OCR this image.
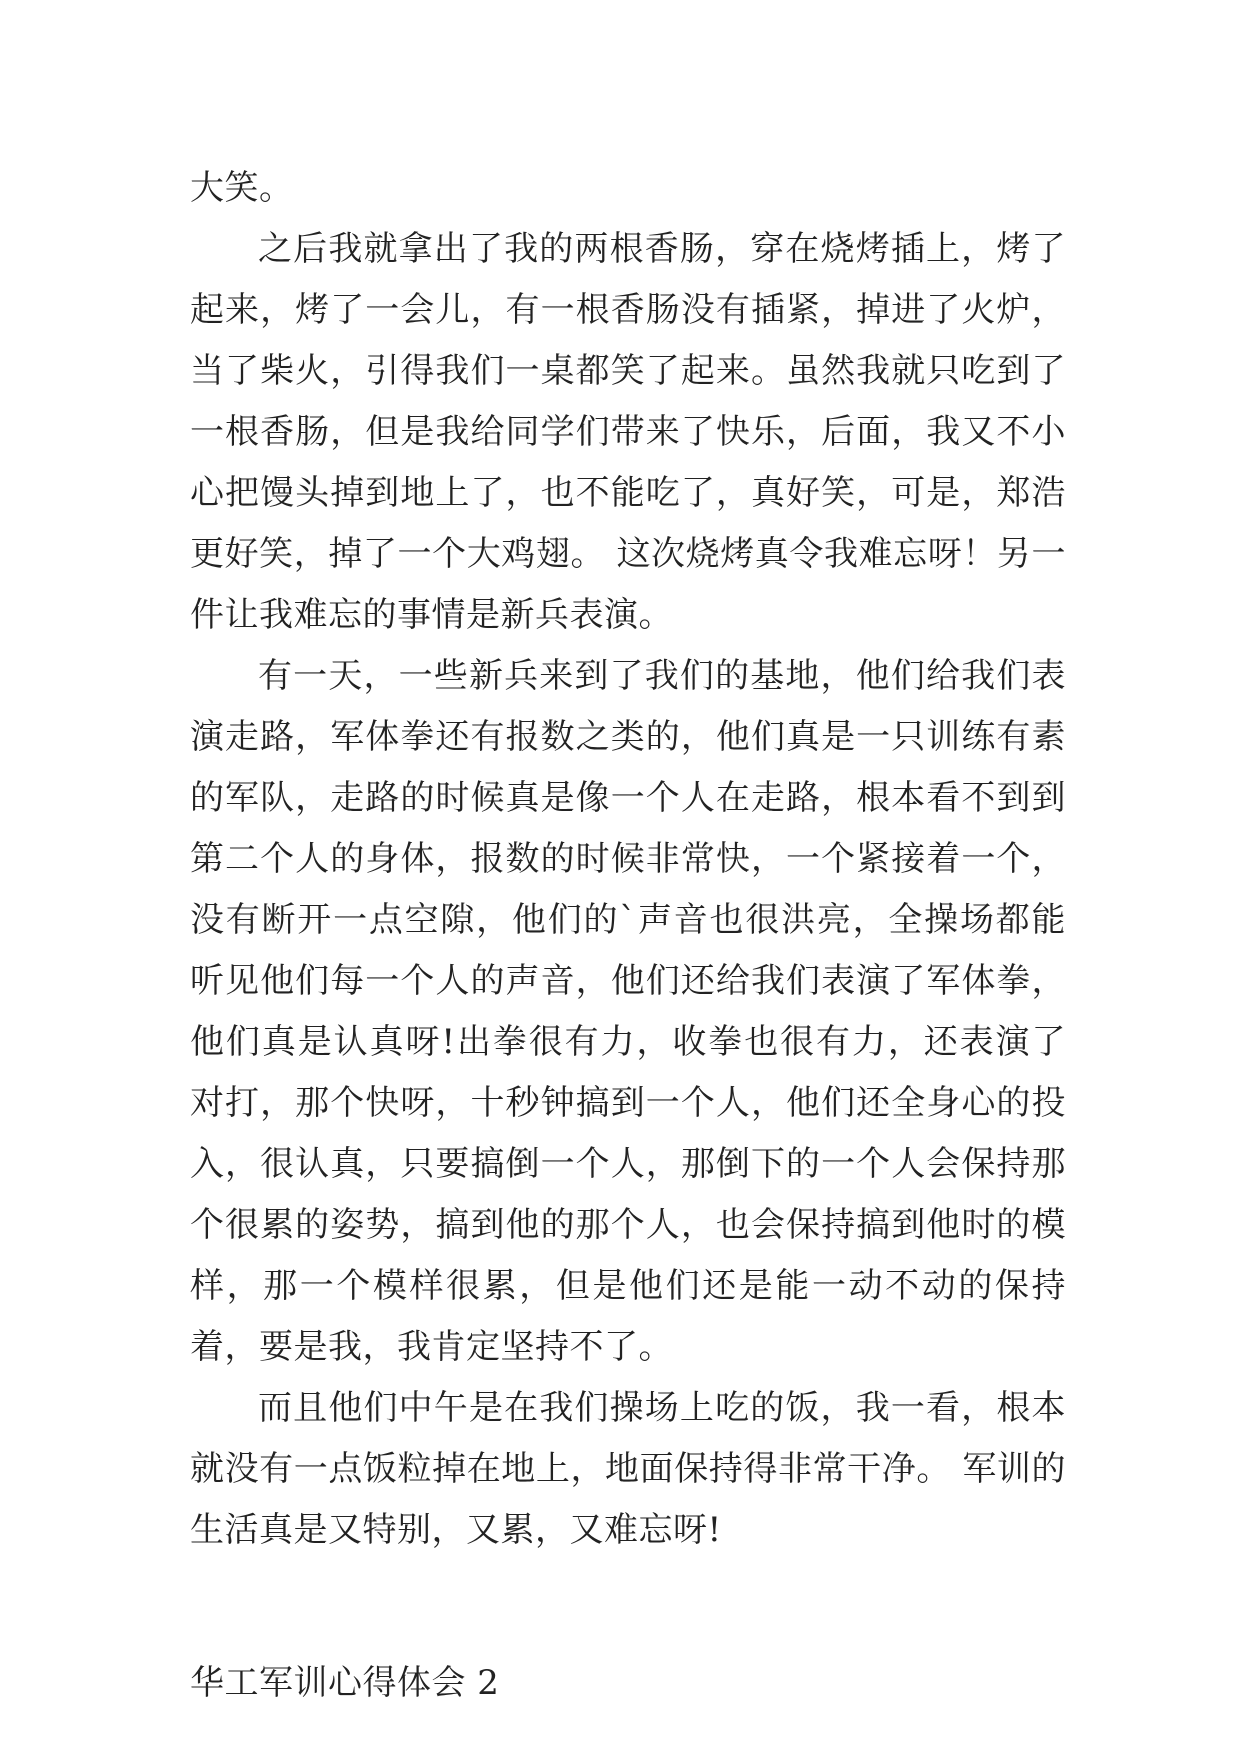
大笑。

之后我就拿出了我的两根香肠，穿在烧烤插上，烤了起来，烤了一会儿，有一根香肠没有插紧，掉进了火炉，当了柴火，引得我们一桌都笑了起来。虽然我就只吃到了一根香肠，但是我给同学们带来了快乐，后面，我又不小心把馒头掉到地上了，也不能吃了，真好笑，可是，郑浩更好笑，掉了一个大鸡翅。 这次烧烤真令我难忘呀！另一件让我难忘的事情是新兵表演。

有一天，一些新兵来到了我们的基地，他们给我们表演走路，军体拳还有报数之类的，他们真是一只训练有素的军队，走路的时候真是像一个人在走路，根本看不到到第二个人的身体，报数的时候非常快，一个紧接着一个，没有断开一点空隙，他们的`声音也很洪亮，全操场都能听见他们每一个人的声音，他们还给我们表演了军体拳，他们真是认真呀!出拳很有力，收拳也很有力，还表演了对打，那个快呀，十秒钟搞到一个人，他们还全身心的投入，很认真，只要搞倒一个人，那倒下的一个人会保持那个很累的姿势，搞到他的那个人，也会保持搞到他时的模样，那一个模样很累，但是他们还是能一动不动的保持着，要是我，我肯定坚持不了。

而且他们中午是在我们操场上吃的饭，我一看，根本就没有一点饭粒掉在地上，地面保持得非常干净。 军训的生活真是又特别，又累，又难忘呀!

华工军训心得体会 2
